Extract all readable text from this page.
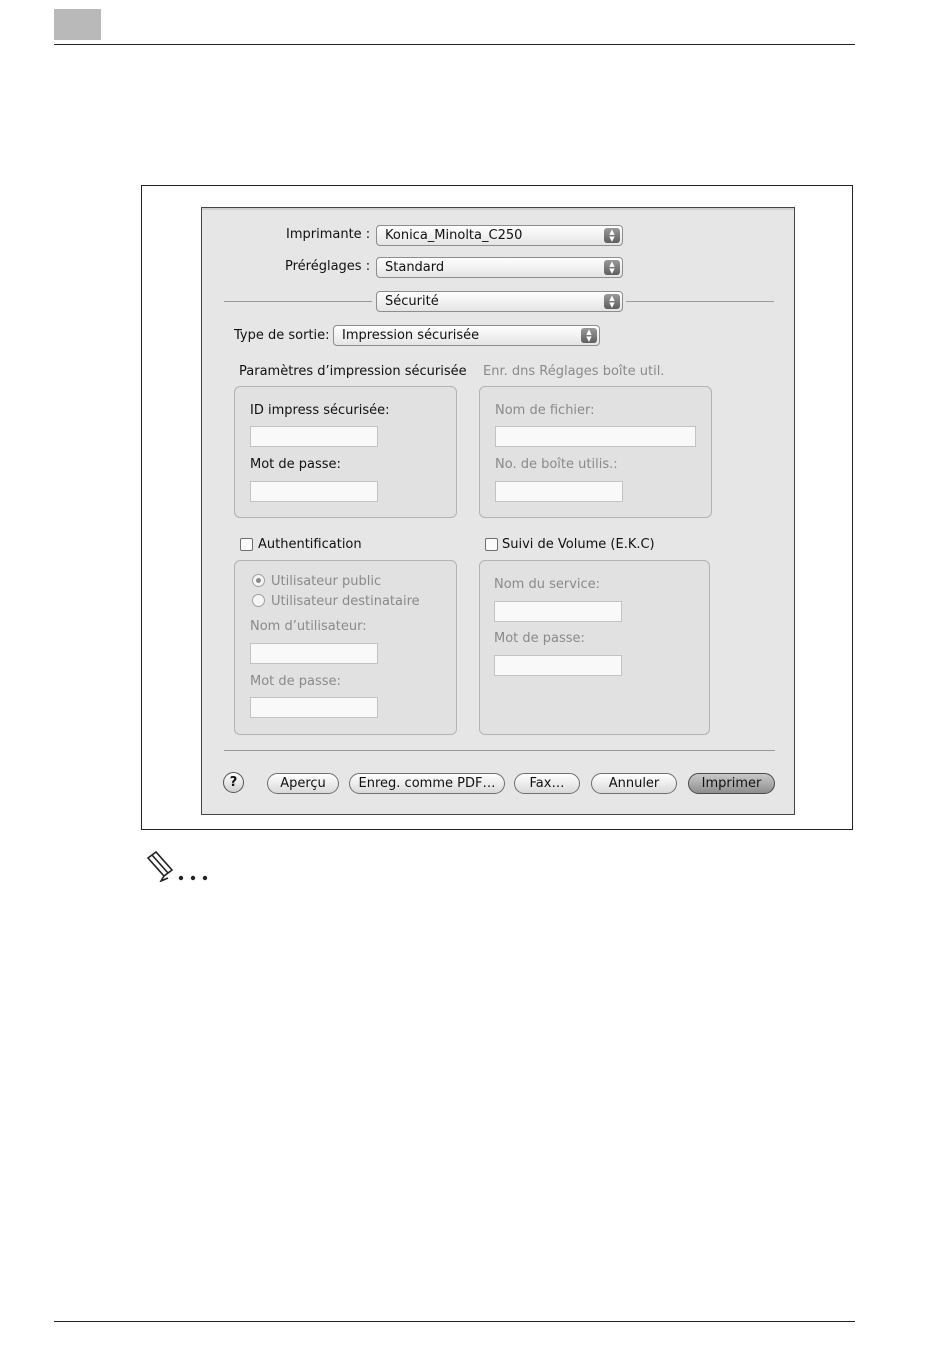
Imprimante :	Konica_Minolta_C250	▲
▼
Préréglages :	Standard	▲
▼
Sécurité	▲
▼
Type de sortie: Impression sécurisée	▲
▼
Paramètres d’impression sécurisée
ID impress sécurisée:
Mot de passe:
Enr. dns Réglages boîte util.
Nom de fichier:
No. de boîte utilis.:
Authentification
Utilisateur public
Utilisateur destinataire
Nom d’utilisateur:
Mot de passe:
Suivi de Volume (E.K.C)
Nom du service:
Mot de passe:
?	Aperçu	Enreg. comme PDF…	Fax…	Annuler	Imprimer
